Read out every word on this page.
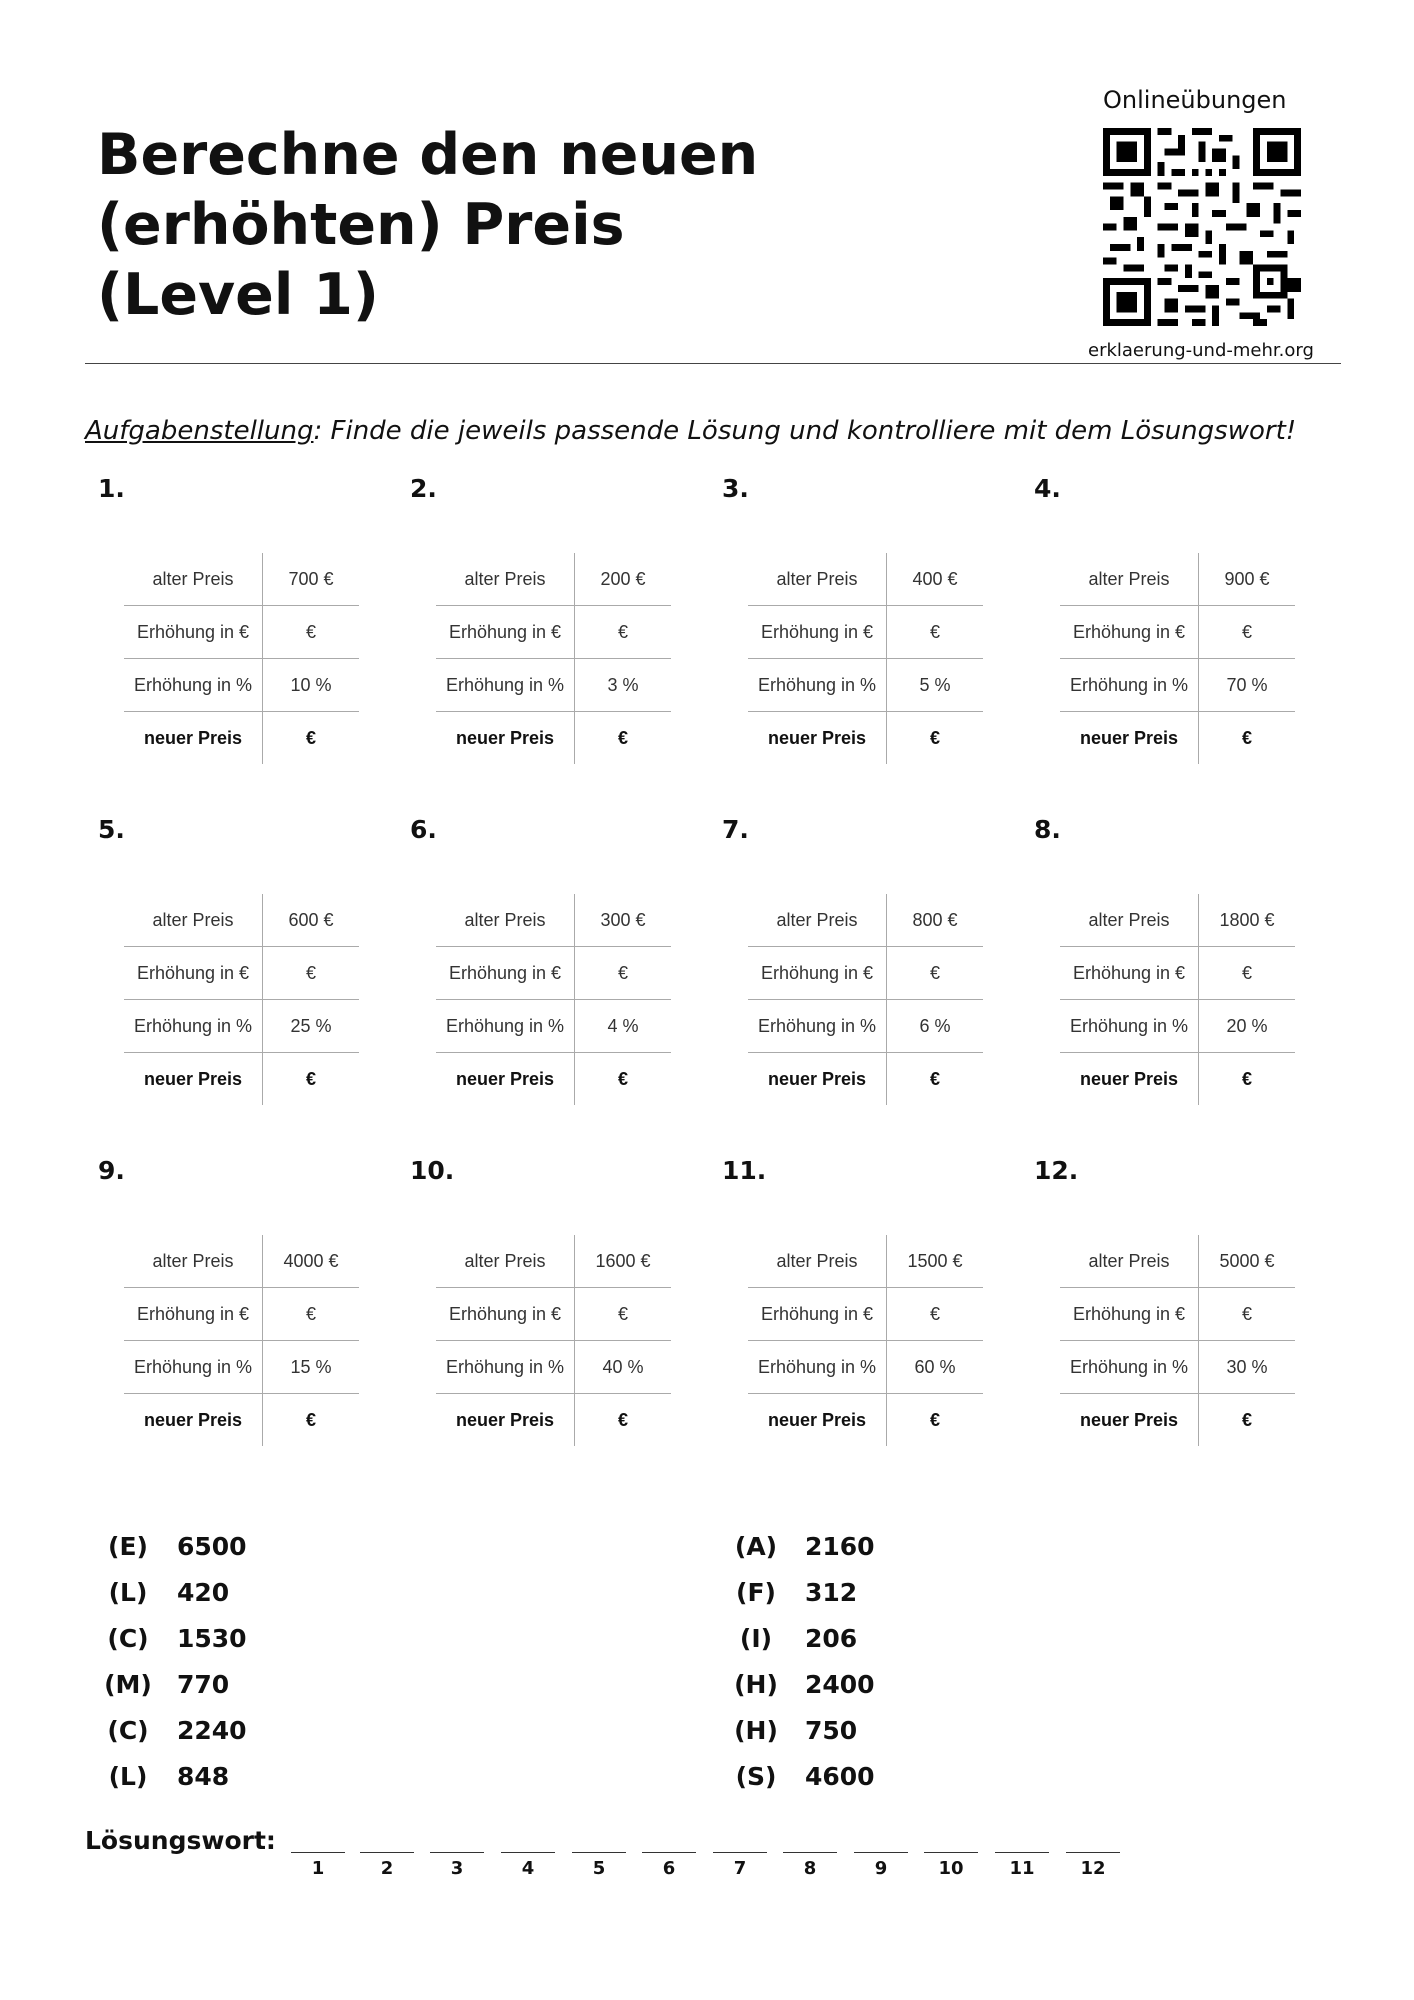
Berechne den neuen
(erhöhten) Preis
(Level 1)
Onlineübungen
erklaerung-und-mehr.org
Aufgabenstellung: Finde die jeweils passende Lösung und kontrolliere mit dem Lösungswort!
1.
alter Preis	700 €
Erhöhung in €	€
Erhöhung in %	10 %
neuer Preis	€
2.
alter Preis	200 €
Erhöhung in €	€
Erhöhung in %	3 %
neuer Preis	€
3.
alter Preis	400 €
Erhöhung in €	€
Erhöhung in %	5 %
neuer Preis	€
4.
alter Preis	900 €
Erhöhung in €	€
Erhöhung in %	70 %
neuer Preis	€
5.
alter Preis	600 €
Erhöhung in €	€
Erhöhung in %	25 %
neuer Preis	€
6.
alter Preis	300 €
Erhöhung in €	€
Erhöhung in %	4 %
neuer Preis	€
7.
alter Preis	800 €
Erhöhung in €	€
Erhöhung in %	6 %
neuer Preis	€
8.
alter Preis	1800 €
Erhöhung in €	€
Erhöhung in %	20 %
neuer Preis	€
9.
alter Preis	4000 €
Erhöhung in €	€
Erhöhung in %	15 %
neuer Preis	€
10.
alter Preis	1600 €
Erhöhung in €	€
Erhöhung in %	40 %
neuer Preis	€
11.
alter Preis	1500 €
Erhöhung in €	€
Erhöhung in %	60 %
neuer Preis	€
12.
alter Preis	5000 €
Erhöhung in €	€
Erhöhung in %	30 %
neuer Preis	€
(E)	6500
(L)	420
(C)	1530
(M) 770
(C)	2240
(L)	848
(A)	2160
(F)	312
(I)	206
(H) 2400
(H) 750
(S)	4600
Lösungswort:
1	2	3	4	5	6	7	8	9	10	11	12
